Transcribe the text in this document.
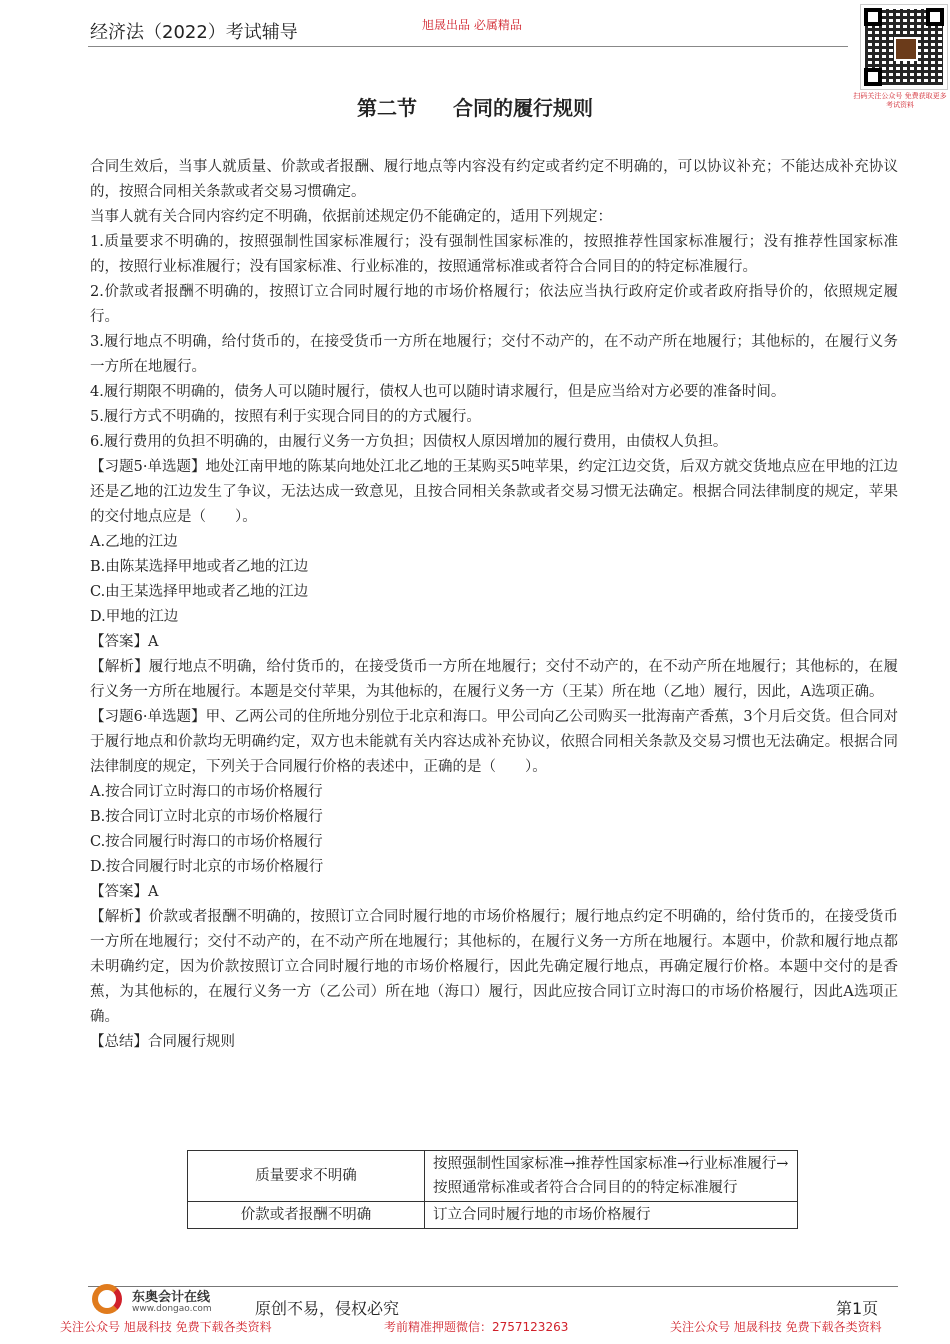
经济法（2022）考试辅导	旭晟出品 必属精品
扫码关注公众号 免费获取更多考试资料
第二节 合同的履行规则

合同生效后，当事人就质量、价款或者报酬、履行地点等内容没有约定或者约定不明确的，可以协议补充；不能达成补充协议的，按照合同相关条款或者交易习惯确定。

当事人就有关合同内容约定不明确，依据前述规定仍不能确定的，适用下列规定：

1.质量要求不明确的，按照强制性国家标准履行；没有强制性国家标准的，按照推荐性国家标准履行；没有推荐性国家标准的，按照行业标准履行；没有国家标准、行业标准的，按照通常标准或者符合合同目的的特定标准履行。

2.价款或者报酬不明确的，按照订立合同时履行地的市场价格履行；依法应当执行政府定价或者政府指导价的，依照规定履行。

3.履行地点不明确，给付货币的，在接受货币一方所在地履行；交付不动产的，在不动产所在地履行；其他标的，在履行义务一方所在地履行。

4.履行期限不明确的，债务人可以随时履行，债权人也可以随时请求履行，但是应当给对方必要的准备时间。

5.履行方式不明确的，按照有利于实现合同目的的方式履行。

6.履行费用的负担不明确的，由履行义务一方负担；因债权人原因增加的履行费用，由债权人负担。

【习题5·单选题】地处江南甲地的陈某向地处江北乙地的王某购买5吨苹果，约定江边交货，后双方就交货地点应在甲地的江边还是乙地的江边发生了争议，无法达成一致意见，且按合同相关条款或者交易习惯无法确定。根据合同法律制度的规定，苹果的交付地点应是（　　）。

A.乙地的江边

B.由陈某选择甲地或者乙地的江边

C.由王某选择甲地或者乙地的江边

D.甲地的江边

【答案】A

【解析】履行地点不明确，给付货币的，在接受货币一方所在地履行；交付不动产的，在不动产所在地履行；其他标的，在履行义务一方所在地履行。本题是交付苹果，为其他标的，在履行义务一方（王某）所在地（乙地）履行，因此，A选项正确。

【习题6·单选题】甲、乙两公司的住所地分别位于北京和海口。甲公司向乙公司购买一批海南产香蕉，3个月后交货。但合同对于履行地点和价款均无明确约定，双方也未能就有关内容达成补充协议，依照合同相关条款及交易习惯也无法确定。根据合同法律制度的规定，下列关于合同履行价格的表述中，正确的是（　　）。

A.按合同订立时海口的市场价格履行

B.按合同订立时北京的市场价格履行

C.按合同履行时海口的市场价格履行

D.按合同履行时北京的市场价格履行

【答案】A

【解析】价款或者报酬不明确的，按照订立合同时履行地的市场价格履行；履行地点约定不明确的，给付货币的，在接受货币一方所在地履行；交付不动产的，在不动产所在地履行；其他标的，在履行义务一方所在地履行。本题中，价款和履行地点都未明确约定，因为价款按照订立合同时履行地的市场价格履行，因此先确定履行地点，再确定履行价格。本题中交付的是香蕉，为其他标的，在履行义务一方（乙公司）所在地（海口）履行，因此应按合同订立时海口的市场价格履行，因此A选项正确。

【总结】合同履行规则

质量要求不明确	按照强制性国家标准→推荐性国家标准→行业标准履行→按照通常标准或者符合合同目的的特定标准履行
价款或者报酬不明确	订立合同时履行地的市场价格履行
东奥会计在线
www.dongao.com	原创不易，侵权必究	第1页
关注公众号 旭晟科技 免费下载各类资料	考前精准押题微信：2757123263	关注公众号 旭晟科技 免费下载各类资料
